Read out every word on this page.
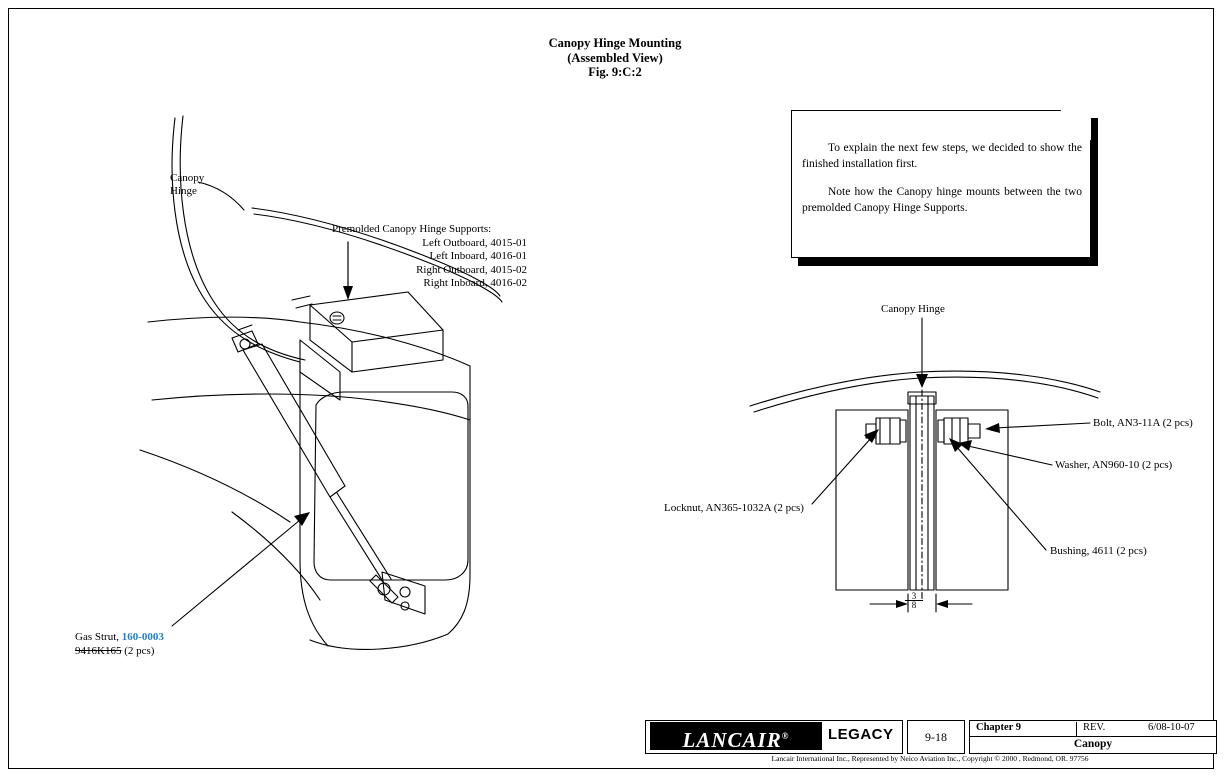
Canopy Hinge Mounting
(Assembled View)
Fig. 9:C:2
Canopy
Hinge
Premolded Canopy Hinge Supports:
Left Outboard, 4015-01
Left Inboard, 4016-01
Right Outboard, 4015-02
Right Inboard, 4016-02
Gas Strut, 160-0003
9416K165 (2 pcs)
Canopy Hinge
Bolt, AN3-11A (2 pcs)
Washer, AN960-10 (2 pcs)
Bushing, 4611 (2 pcs)
Locknut, AN365-1032A (2 pcs)
$\frac{3}{8}$

To explain the next few steps, we decided to show the finished installation first.

Note how the Canopy hinge mounts between the two premolded Canopy Hinge Supports.

LANCAIR®	LEGACY	9-18
Chapter 9	REV.	6/08-10-07
Canopy
Lancair International Inc., Represented by Neico Aviation Inc., Copyright © 2000 , Redmond, OR. 97756
